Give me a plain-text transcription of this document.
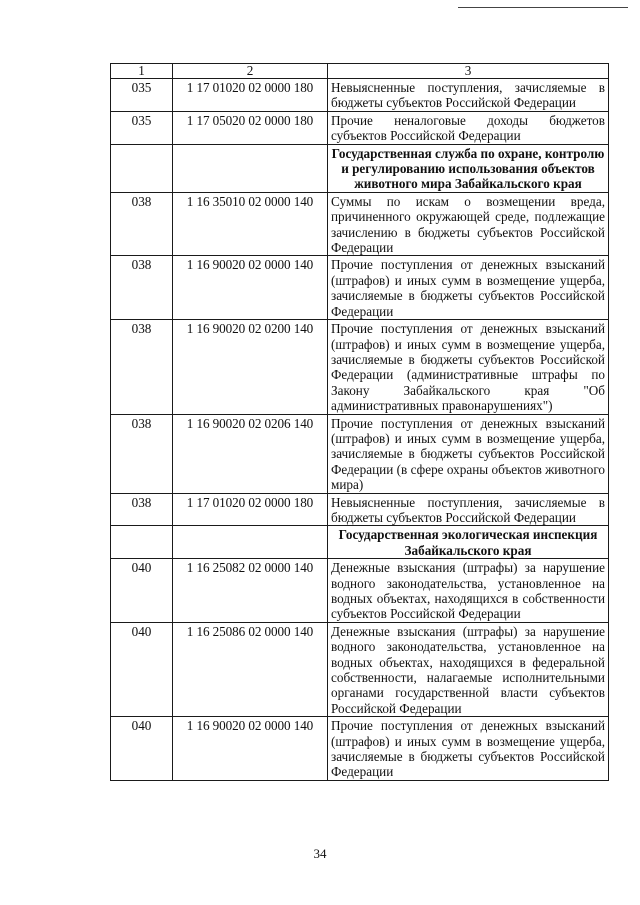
1	2	3
035	1 17 01020 02 0000 180	Невыясненные поступления, зачисляемые в бюджеты субъектов Российской Федерации
035	1 17 05020 02 0000 180	Прочие неналоговые доходы бюджетов субъектов Российской Федерации
		Государственная служба по охране, контролю и регулированию использования объектов животного мира Забайкальского края
038	1 16 35010 02 0000 140	Суммы по искам о возмещении вреда, причиненного окружающей среде, подлежащие зачислению в бюджеты субъектов Российской Федерации
038	1 16 90020 02 0000 140	Прочие поступления от денежных взысканий (штрафов) и иных сумм в возмещение ущерба, зачисляемые в бюджеты субъектов Российской Федерации
038	1 16 90020 02 0200 140	Прочие поступления от денежных взысканий (штрафов) и иных сумм в возмещение ущерба, зачисляемые в бюджеты субъектов Российской Федерации (административные штрафы по Закону Забайкальского края "Об административных правонарушениях")
038	1 16 90020 02 0206 140	Прочие поступления от денежных взысканий (штрафов) и иных сумм в возмещение ущерба, зачисляемые в бюджеты субъектов Российской Федерации (в сфере охраны объектов животного мира)
038	1 17 01020 02 0000 180	Невыясненные поступления, зачисляемые в бюджеты субъектов Российской Федерации
		Государственная экологическая инспекция Забайкальского края
040	1 16 25082 02 0000 140	Денежные взыскания (штрафы) за нарушение водного законодательства, установленное на водных объектах, находящихся в собственности субъектов Российской Федерации
040	1 16 25086 02 0000 140	Денежные взыскания (штрафы) за нарушение водного законодательства, установленное на водных объектах, находящихся в федеральной собственности, налагаемые исполнительными органами государственной власти субъектов Российской Федерации
040	1 16 90020 02 0000 140	Прочие поступления от денежных взысканий (штрафов) и иных сумм в возмещение ущерба, зачисляемые в бюджеты субъектов Российской Федерации
34
